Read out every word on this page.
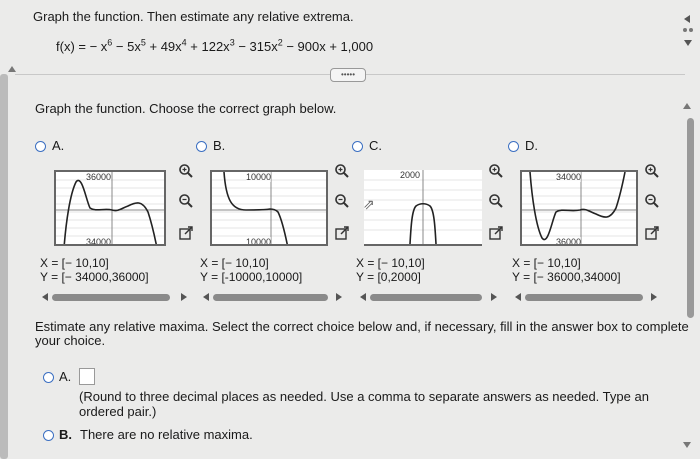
Graph the function. Then estimate any relative extrema.
f(x) = − $x^6 - 5x^5 + 49x^4 + 122x^3 - 315x^2 - 900x + 1,000$
•••••
Graph the function. Choose the correct graph below.
A.
36000
34000
X = [− 10,10]
Y = [− 34000,36000]
B.
10000
10000
X = [− 10,10]
Y = [-10000,10000]
C.
2000
⇗
X = [− 10,10]
Y = [0,2000]
D.
34000
36000
X = [− 10,10]
Y = [− 36000,34000]
Estimate any relative maxima. Select the correct choice below and, if necessary, fill in the answer box to complete
your choice.
A.
(Round to three decimal places as needed. Use a comma to separate answers as needed. Type an
ordered pair.)
B. There are no relative maxima.
